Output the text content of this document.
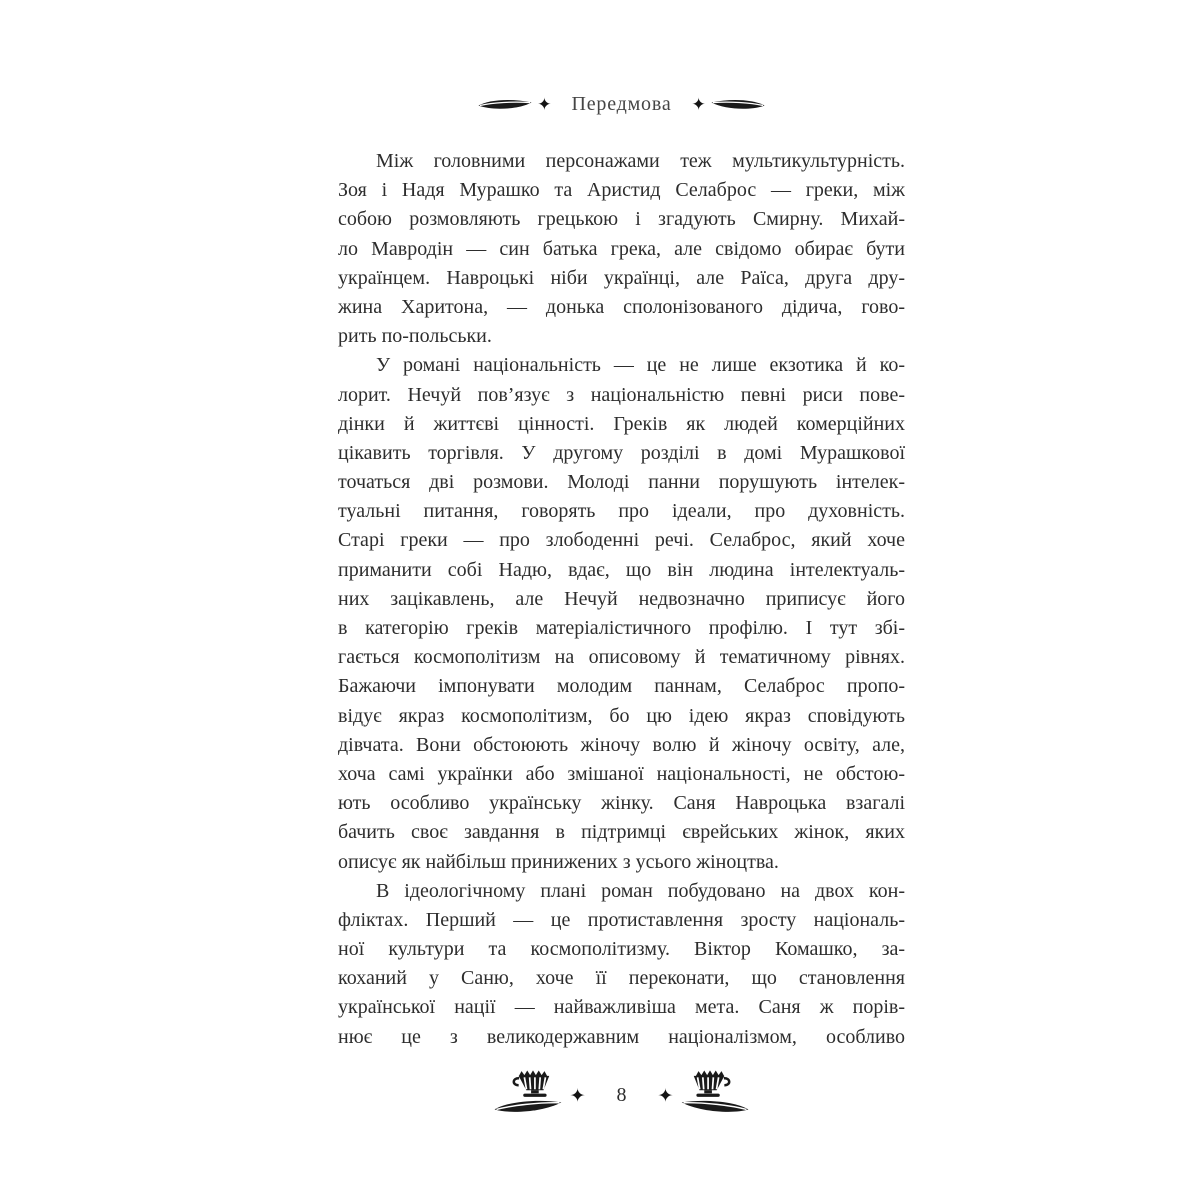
✦ Передмова ✦
Між головними персонажами теж мультикультурність.
Зоя і Надя Мурашко та Аристид Селаброс — греки, між
собою розмовляють грецькою і згадують Смирну. Михай-
ло Мавродін — син батька грека, але свідомо обирає бути
українцем. Навроцькі ніби українці, але Раїса, друга дру-
жина Харитона, — донька сполонізованого дідича, гово-
рить по-польськи.
У романі національність — це не лише екзотика й ко-
лорит. Нечуй пов’язує з національністю певні риси пове-
дінки й життєві цінності. Греків як людей комерційних
цікавить торгівля. У другому розділі в домі Мурашкової
точаться дві розмови. Молоді панни порушують інтелек-
туальні питання, говорять про ідеали, про духовність.
Старі греки — про злободенні речі. Селаброс, який хоче
приманити собі Надю, вдає, що він людина інтелектуаль-
них зацікавлень, але Нечуй недвозначно приписує його
в категорію греків матеріалістичного профілю. І тут збі-
гається космополітизм на описовому й тематичному рівнях.
Бажаючи імпонувати молодим паннам, Селаброс пропо-
відує якраз космополітизм, бо цю ідею якраз сповідують
дівчата. Вони обстоюють жіночу волю й жіночу освіту, але,
хоча самі українки або змішаної національності, не обстою-
ють особливо українську жінку. Саня Навроцька взагалі
бачить своє завдання в підтримці єврейських жінок, яких
описує як найбільш принижених з усього жіноцтва.
В ідеологічному плані роман побудовано на двох кон-
фліктах. Перший — це протиставлення зросту національ-
ної культури та космополітизму. Віктор Комашко, за-
коханий у Саню, хоче її переконати, що становлення
української нації — найважливіша мета. Саня ж порів-
нює це з великодержавним націоналізмом, особливо
✦ 8 ✦
